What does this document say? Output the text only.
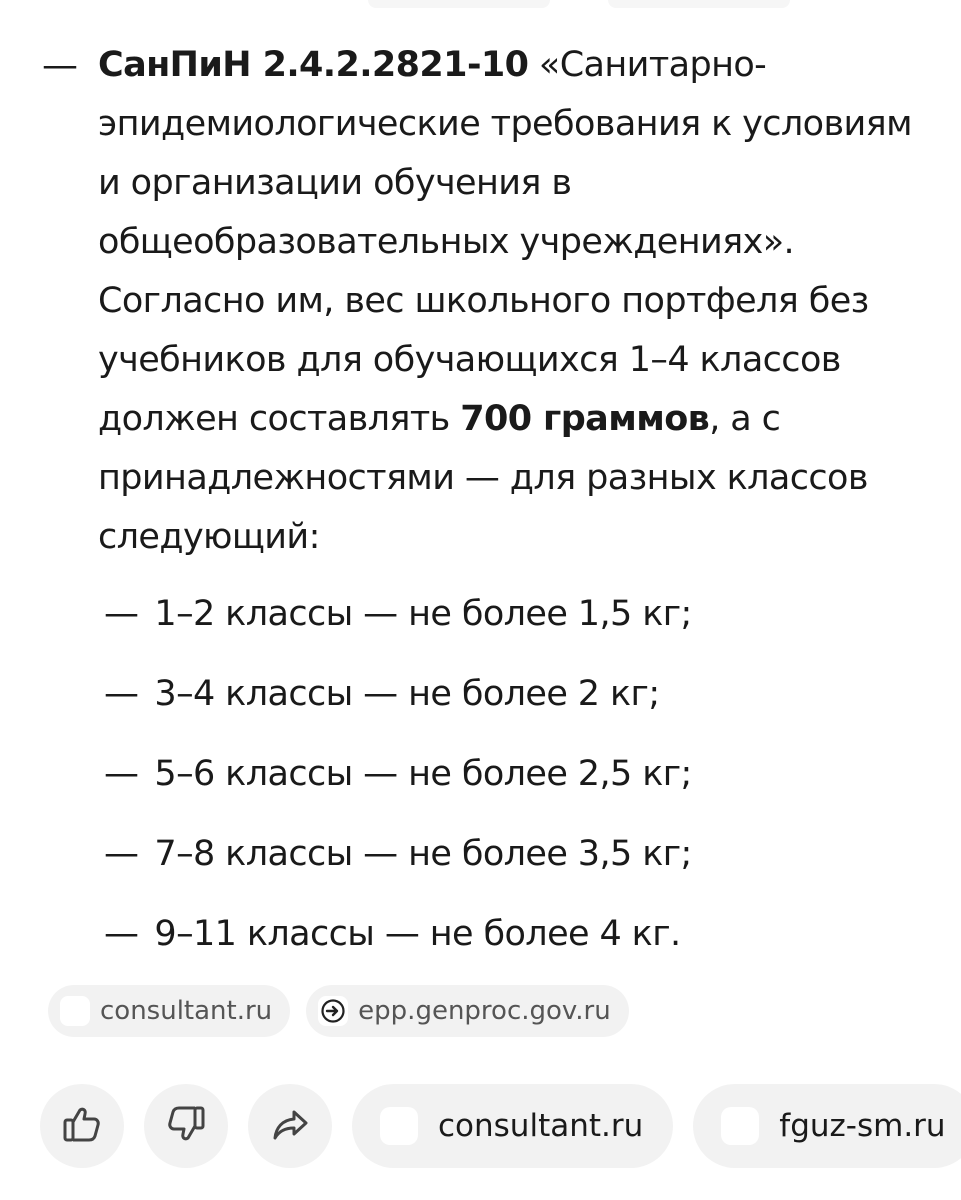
— СанПиН 2.4.2.2821-10 «Санитарно-эпидемиологические требования к условиям и организации обучения в общеобразовательных учреждениях». Согласно им, вес школьного портфеля без учебников для обучающихся 1–4 классов должен составлять 700 граммов, а с принадлежностями — для разных классов следующий:
— 1–2 классы — не более 1,5 кг;
— 3–4 классы — не более 2 кг;
— 5–6 классы — не более 2,5 кг;
— 7–8 классы — не более 3,5 кг;
— 9–11 классы — не более 4 кг.
consultant.ru	epp.genproc.gov.ru
consultant.ru	fguz-sm.ru
